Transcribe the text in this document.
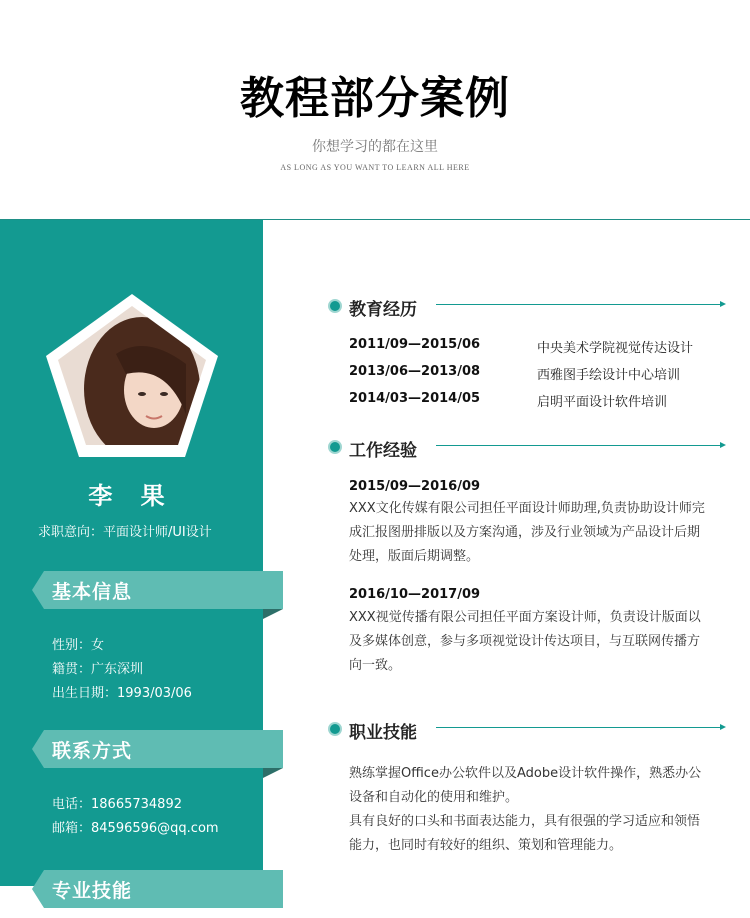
教程部分案例
你想学习的都在这里
AS LONG AS YOU WANT TO LEARN ALL HERE
李 果
求职意向：平面设计师/UI设计
基本信息
性别：女
籍贯：广东深圳
出生日期：1993/03/06
联系方式
电话：18665734892
邮箱：84596596@qq.com
专业技能
教育经历
2011/09—2015/06	中央美术学院视觉传达设计
2013/06—2013/08	西雅图手绘设计中心培训
2014/03—2014/05	启明平面设计软件培训
工作经验
2015/09—2016/09
XXX文化传媒有限公司担任平面设计师助理,负责协助设计师完成汇报图册排版以及方案沟通，涉及行业领域为产品设计后期处理，版面后期调整。
2016/10—2017/09
XXX视觉传播有限公司担任平面方案设计师，负责设计版面以及多媒体创意，参与多项视觉设计传达项目，与互联网传播方向一致。
职业技能
熟练掌握Office办公软件以及Adobe设计软件操作，熟悉办公设备和自动化的使用和维护。
具有良好的口头和书面表达能力，具有很强的学习适应和领悟能力，也同时有较好的组织、策划和管理能力。
